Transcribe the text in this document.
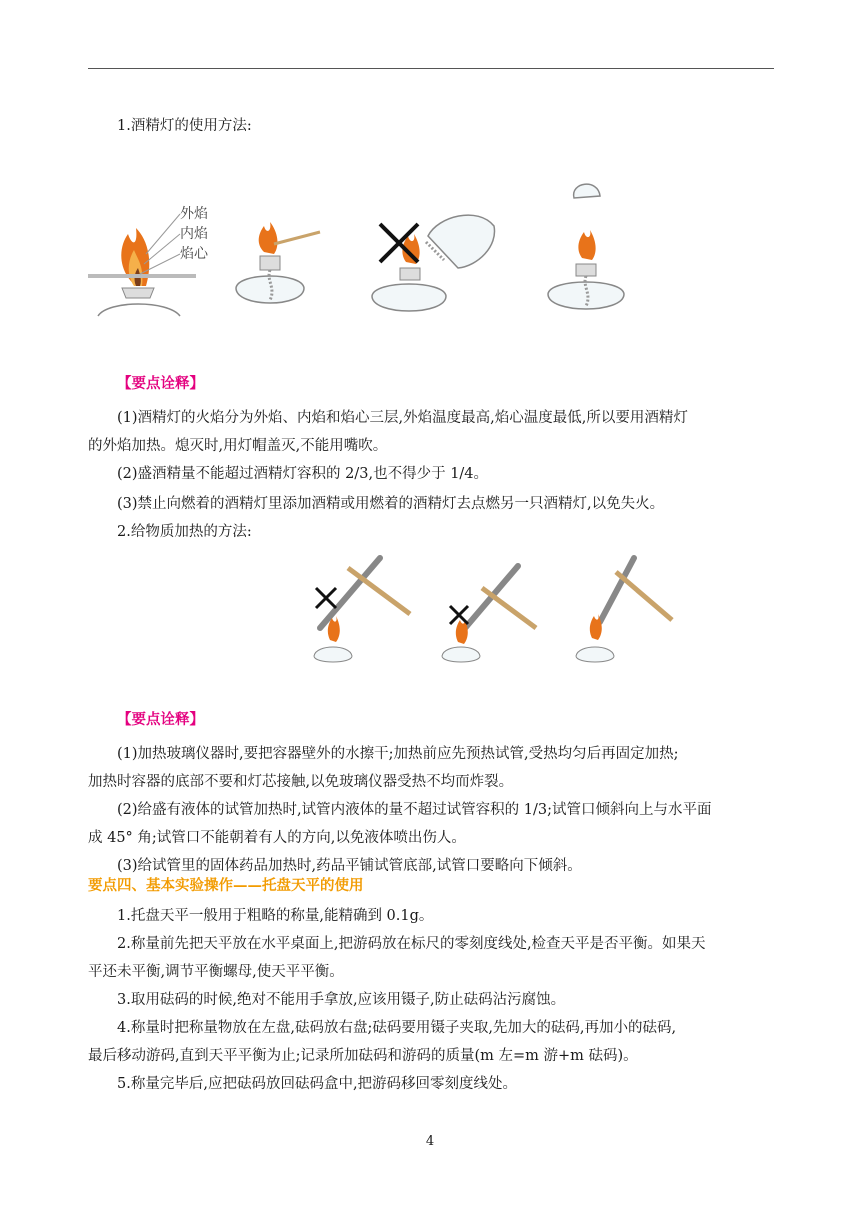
1.酒精灯的使用方法:
外焰
内焰
焰心
【要点诠释】
(1)酒精灯的火焰分为外焰、内焰和焰心三层,外焰温度最高,焰心温度最低,所以要用酒精灯
的外焰加热。熄灭时,用灯帽盖灭,不能用嘴吹。
(2)盛酒精量不能超过酒精灯容积的 2/3,也不得少于 1/4。
(3)禁止向燃着的酒精灯里添加酒精或用燃着的酒精灯去点燃另一只酒精灯,以免失火。
2.给物质加热的方法:
【要点诠释】
(1)加热玻璃仪器时,要把容器壁外的水擦干;加热前应先预热试管,受热均匀后再固定加热;
加热时容器的底部不要和灯芯接触,以免玻璃仪器受热不均而炸裂。
(2)给盛有液体的试管加热时,试管内液体的量不超过试管容积的 1/3;试管口倾斜向上与水平面
成 45° 角;试管口不能朝着有人的方向,以免液体喷出伤人。
(3)给试管里的固体药品加热时,药品平铺试管底部,试管口要略向下倾斜。
要点四、基本实验操作——托盘天平的使用
1.托盘天平一般用于粗略的称量,能精确到 0.1g。
2.称量前先把天平放在水平桌面上,把游码放在标尺的零刻度线处,检查天平是否平衡。如果天
平还未平衡,调节平衡螺母,使天平平衡。
3.取用砝码的时候,绝对不能用手拿放,应该用镊子,防止砝码沾污腐蚀。
4.称量时把称量物放在左盘,砝码放右盘;砝码要用镊子夹取,先加大的砝码,再加小的砝码,
最后移动游码,直到天平平衡为止;记录所加砝码和游码的质量(m 左=m 游+m 砝码)。
5.称量完毕后,应把砝码放回砝码盒中,把游码移回零刻度线处。
4
